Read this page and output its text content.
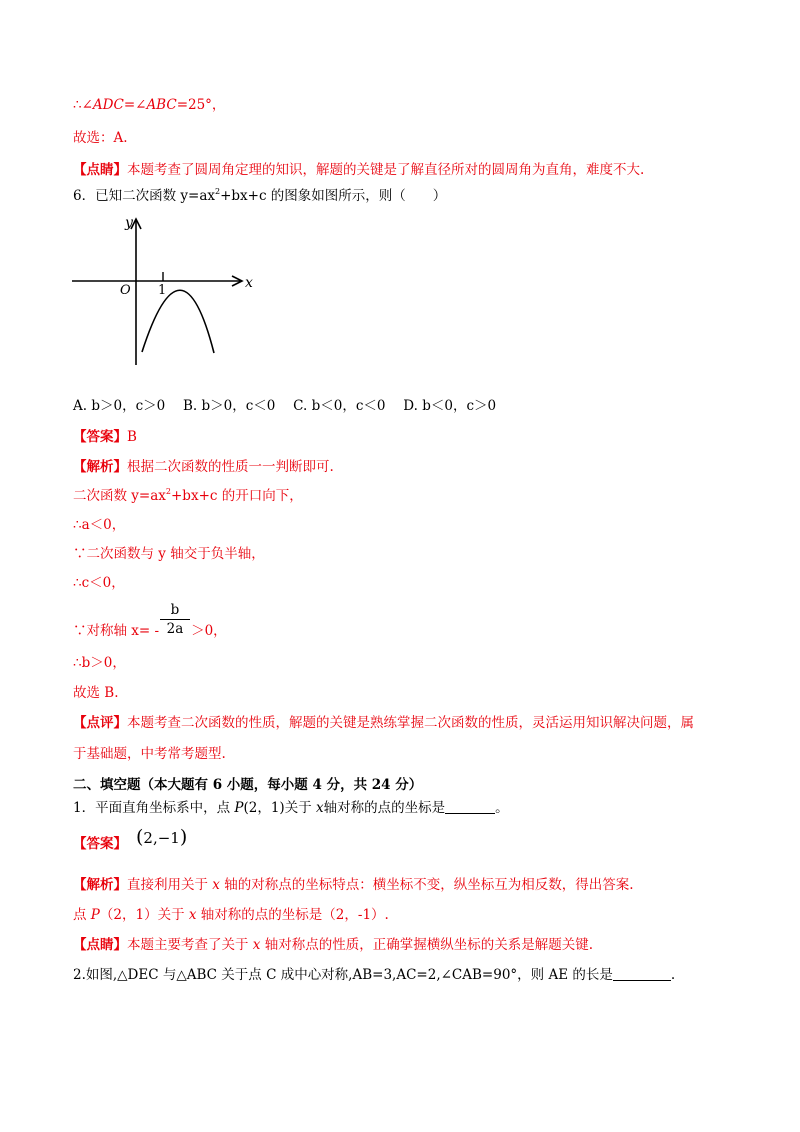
∴∠ADC=∠ABC=25°，
故选：A.
【点睛】本题考查了圆周角定理的知识，解题的关键是了解直径所对的圆周角为直角，难度不大.
6．已知二次函数 $y=ax^2+bx+c$ 的图象如图所示，则（　　）
y
x
O 1
A. b＞0，c＞0　 B. b＞0，c＜0　 C. b＜0，c＜0　 D. b＜0，c＞0
【答案】B
【解析】根据二次函数的性质一一判断即可.
二次函数 $y=ax^2+bx+c$ 的开口向下，
∴a＜0，
∵二次函数与 y 轴交于负半轴，
∴c＜0，
∵对称轴 x= - ＞0，
b
2a
∴b＞0，
故选 B.
【点评】本题考查二次函数的性质，解题的关键是熟练掌握二次函数的性质，灵活运用知识解决问题，属
于基础题，中考常考题型.
二、填空题（本大题有 6 小题，每小题 4 分，共 24 分）
1．平面直角坐标系中，点 P(2，1)关于 x轴对称的点的坐标是	。
【答案】 (2,−1)
【解析】直接利用关于 x 轴的对称点的坐标特点：横坐标不变，纵坐标互为相反数，得出答案.
点 P（2，1）关于 x 轴对称的点的坐标是（2，-1）.
【点睛】本题主要考查了关于 x 轴对称点的性质，正确掌握横纵坐标的关系是解题关键.
2.如图,△DEC 与△ABC 关于点 C 成中心对称,AB=3,AC=2,∠CAB=90°，则 AE 的长是	.
